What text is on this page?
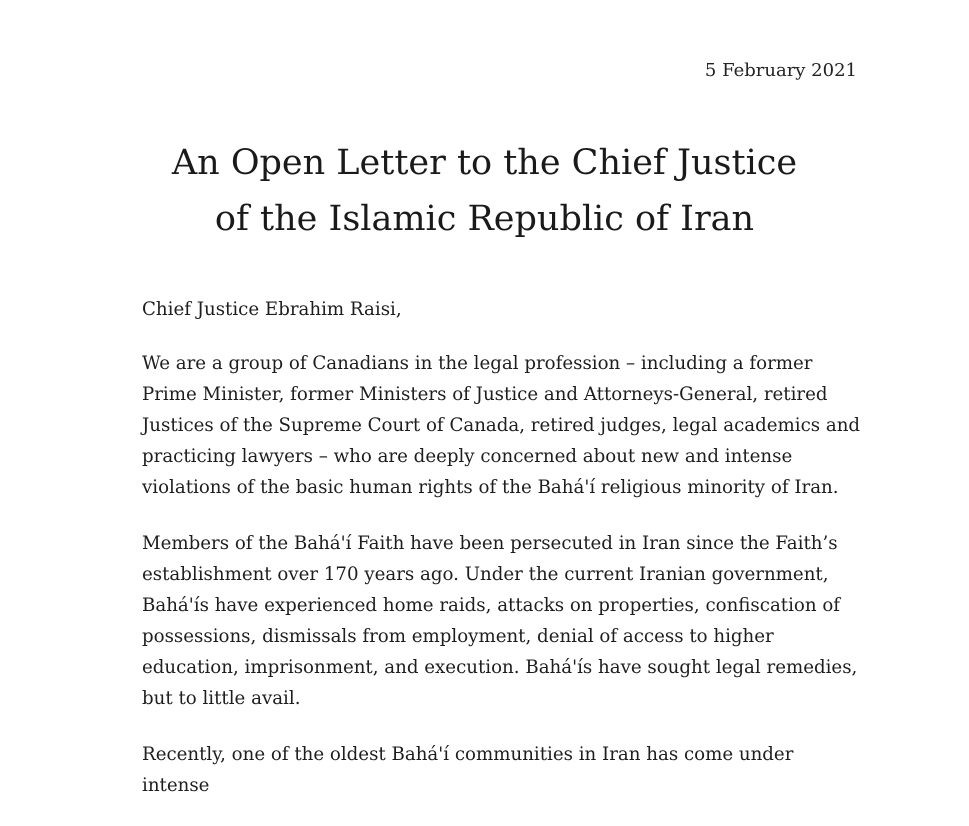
5 February 2021
An Open Letter to the Chief Justice
of the Islamic Republic of Iran

Chief Justice Ebrahim Raisi,

We are a group of Canadians in the legal profession – including a former Prime Minister, former Ministers of Justice and Attorneys-General, retired Justices of the Supreme Court of Canada, retired judges, legal academics and practicing lawyers – who are deeply concerned about new and intense violations of the basic human rights of the Bahá'í religious minority of Iran.

Members of the Bahá'í Faith have been persecuted in Iran since the Faith’s establishment over 170 years ago. Under the current Iranian government, Bahá'ís have experienced home raids, attacks on properties, confiscation of possessions, dismissals from employment, denial of access to higher education, imprisonment, and execution. Bahá'ís have sought legal remedies, but to little avail.

Recently, one of the oldest Bahá'í communities in Iran has come under intense
